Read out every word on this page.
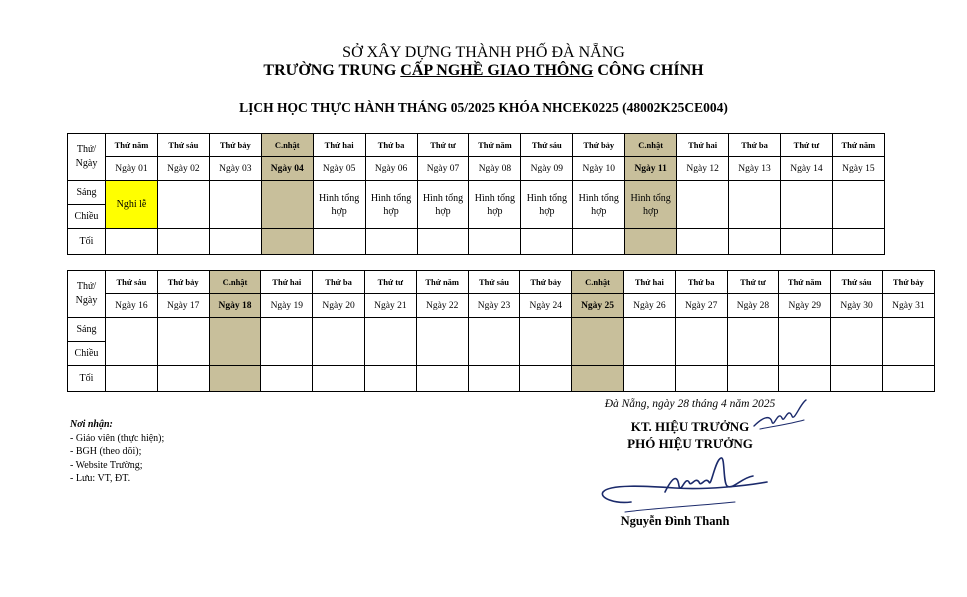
SỞ XÂY DỰNG THÀNH PHỐ ĐÀ NẴNG
TRƯỜNG TRUNG CẤP NGHỀ GIAO THÔNG CÔNG CHÍNH
LỊCH HỌC THỰC HÀNH THÁNG 05/2025 KHÓA NHCEK0225 (48002K25CE004)
Thứ/
Ngày	Thứ năm	Thứ sáu	Thứ bảy	C.nhật	Thứ hai	Thứ ba	Thứ tư	Thứ năm	Thứ sáu	Thứ bảy	C.nhật	Thứ hai	Thứ ba	Thứ tư	Thứ năm
	Ngày 01	Ngày 02	Ngày 03	Ngày 04	Ngày 05	Ngày 06	Ngày 07	Ngày 08	Ngày 09	Ngày 10	Ngày 11	Ngày 12	Ngày 13	Ngày 14	Ngày 15
Sáng	Nghỉ lễ				Hình tổng hợp	Hình tổng hợp	Hình tổng hợp	Hình tổng hợp	Hình tổng hợp	Hình tổng hợp	Hình tổng hợp				
Chiều															
Tối															
Thứ/
Ngày	Thứ sáu	Thứ bảy	C.nhật	Thứ hai	Thứ ba	Thứ tư	Thứ năm	Thứ sáu	Thứ bảy	C.nhật	Thứ hai	Thứ ba	Thứ tư	Thứ năm	Thứ sáu	Thứ bảy
	Ngày 16	Ngày 17	Ngày 18	Ngày 19	Ngày 20	Ngày 21	Ngày 22	Ngày 23	Ngày 24	Ngày 25	Ngày 26	Ngày 27	Ngày 28	Ngày 29	Ngày 30	Ngày 31
Sáng																
Chiều																
Tối																
Nơi nhận:
- Giáo viên (thực hiện);
- BGH (theo dõi);
- Website Trường;
- Lưu: VT, ĐT.
Đà Nẵng, ngày 28 tháng 4 năm 2025
KT. HIỆU TRƯỞNG
PHÓ HIỆU TRƯỞNG
Nguyễn Đình Thanh
